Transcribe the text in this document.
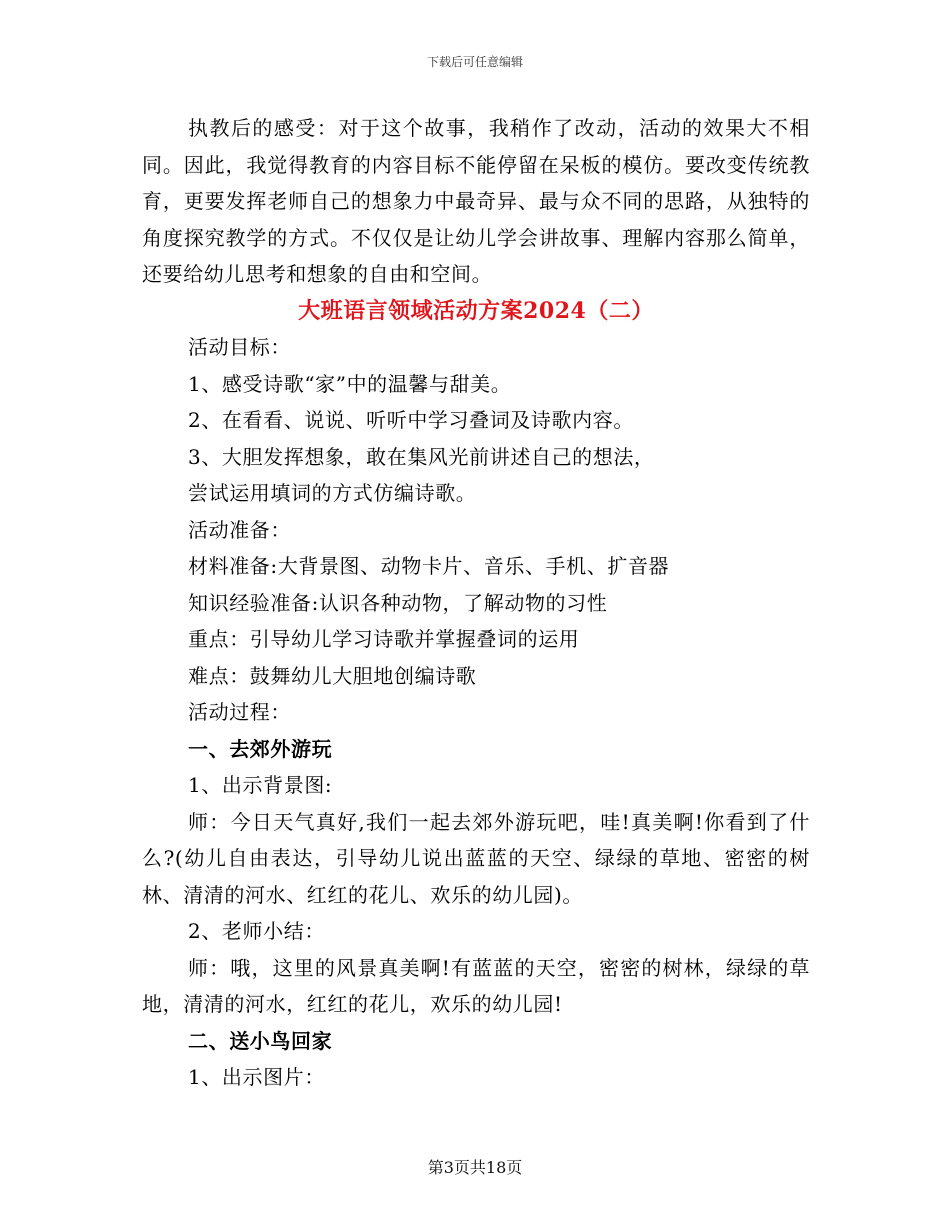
下载后可任意编辑

执教后的感受：对于这个故事，我稍作了改动，活动的效果大不相同。因此，我觉得教育的内容目标不能停留在呆板的模仿。要改变传统教育，更要发挥老师自己的想象力中最奇异、最与众不同的思路，从独特的角度探究教学的方式。不仅仅是让幼儿学会讲故事、理解内容那么简单，还要给幼儿思考和想象的自由和空间。

大班语言领域活动方案2024（二）

活动目标：

1、感受诗歌“家”中的温馨与甜美。

2、在看看、说说、听听中学习叠词及诗歌内容。

3、大胆发挥想象，敢在集风光前讲述自己的想法，

尝试运用填词的方式仿编诗歌。

活动准备：

材料准备:大背景图、动物卡片、音乐、手机、扩音器

知识经验准备:认识各种动物，了解动物的习性

重点：引导幼儿学习诗歌并掌握叠词的运用

难点：鼓舞幼儿大胆地创编诗歌

活动过程：

一、去郊外游玩

1、出示背景图:

师：今日天气真好,我们一起去郊外游玩吧，哇!真美啊!你看到了什么?(幼儿自由表达，引导幼儿说出蓝蓝的天空、绿绿的草地、密密的树林、清清的河水、红红的花儿、欢乐的幼儿园)。

2、老师小结：

师：哦，这里的风景真美啊!有蓝蓝的天空，密密的树林，绿绿的草地，清清的河水，红红的花儿，欢乐的幼儿园!

二、送小鸟回家

1、出示图片：

第3页共18页
